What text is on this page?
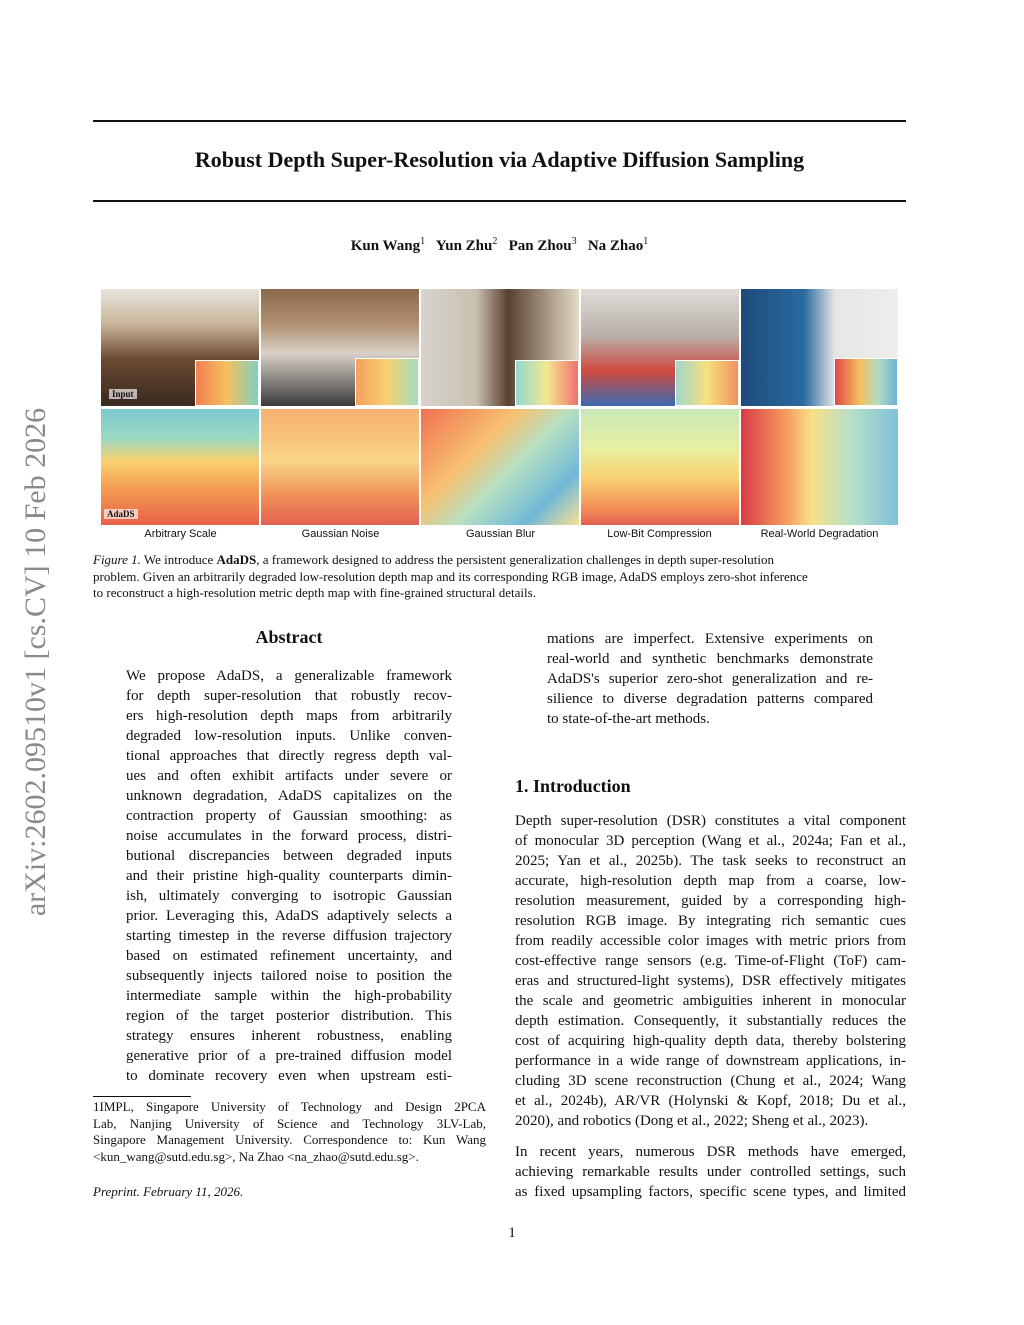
arXiv:2602.09510v1 [cs.CV] 10 Feb 2026
Robust Depth Super-Resolution via Adaptive Diffusion Sampling
Kun Wang$^1$ Yun Zhu$^2$ Pan Zhou$^3$ Na Zhao$^1$
Input
AdaDS
Arbitrary Scale	Gaussian Noise	Gaussian Blur	Low-Bit Compression	Real-World Degradation
Figure 1. We introduce AdaDS, a framework designed to address the persistent generalization challenges in depth super-resolution
problem. Given an arbitrarily degraded low-resolution depth map and its corresponding RGB image, AdaDS employs zero-shot inference
to reconstruct a high-resolution metric depth map with fine-grained structural details.
Abstract
We propose AdaDS, a generalizable framework
for depth super-resolution that robustly recov-
ers high-resolution depth maps from arbitrarily
degraded low-resolution inputs. Unlike conven-
tional approaches that directly regress depth val-
ues and often exhibit artifacts under severe or
unknown degradation, AdaDS capitalizes on the
contraction property of Gaussian smoothing: as
noise accumulates in the forward process, distri-
butional discrepancies between degraded inputs
and their pristine high-quality counterparts dimin-
ish, ultimately converging to isotropic Gaussian
prior. Leveraging this, AdaDS adaptively selects a
starting timestep in the reverse diffusion trajectory
based on estimated refinement uncertainty, and
subsequently injects tailored noise to position the
intermediate sample within the high-probability
region of the target posterior distribution. This
strategy ensures inherent robustness, enabling
generative prior of a pre-trained diffusion model
to dominate recovery even when upstream esti-
mations are imperfect. Extensive experiments on
real-world and synthetic benchmarks demonstrate
AdaDS's superior zero-shot generalization and re-
silience to diverse degradation patterns compared
to state-of-the-art methods.
1. Introduction
Depth super-resolution (DSR) constitutes a vital component
of monocular 3D perception (Wang et al., 2024a; Fan et al.,
2025; Yan et al., 2025b). The task seeks to reconstruct an
accurate, high-resolution depth map from a coarse, low-
resolution measurement, guided by a corresponding high-
resolution RGB image. By integrating rich semantic cues
from readily accessible color images with metric priors from
cost-effective range sensors (e.g. Time-of-Flight (ToF) cam-
eras and structured-light systems), DSR effectively mitigates
the scale and geometric ambiguities inherent in monocular
depth estimation. Consequently, it substantially reduces the
cost of acquiring high-quality depth data, thereby bolstering
performance in a wide range of downstream applications, in-
cluding 3D scene reconstruction (Chung et al., 2024; Wang
et al., 2024b), AR/VR (Holynski & Kopf, 2018; Du et al.,
2020), and robotics (Dong et al., 2022; Sheng et al., 2023).
In recent years, numerous DSR methods have emerged,
achieving remarkable results under controlled settings, such
as fixed upsampling factors, specific scene types, and limited
1IMPL, Singapore University of Technology and Design 2PCA
Lab, Nanjing University of Science and Technology 3LV-Lab,
Singapore Management University. Correspondence to: Kun Wang
<kun_wang@sutd.edu.sg>, Na Zhao <na_zhao@sutd.edu.sg>.
Preprint. February 11, 2026.
1
